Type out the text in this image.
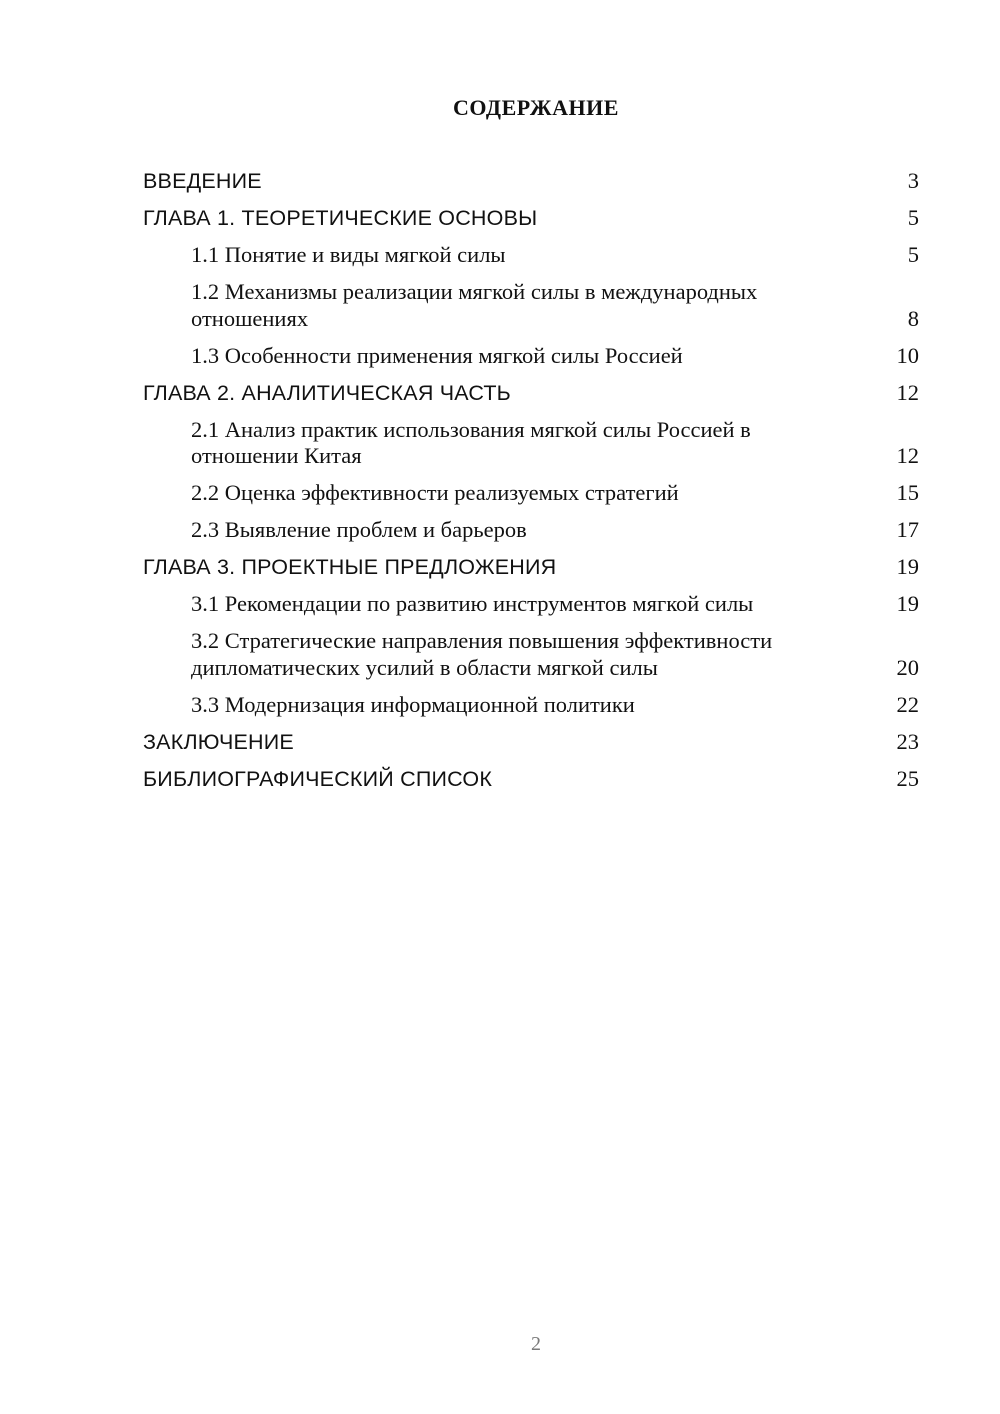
СОДЕРЖАНИЕ
ВВЕДЕНИЕ	3
ГЛАВА 1. ТЕОРЕТИЧЕСКИЕ ОСНОВЫ	5
1.1 Понятие и виды мягкой силы	5
1.2 Механизмы реализации мягкой силы в международных отношениях	8
1.3 Особенности применения мягкой силы Россией	10
ГЛАВА 2. АНАЛИТИЧЕСКАЯ ЧАСТЬ	12
2.1 Анализ практик использования мягкой силы Россией в отношении Китая	12
2.2 Оценка эффективности реализуемых стратегий	15
2.3 Выявление проблем и барьеров	17
ГЛАВА 3. ПРОЕКТНЫЕ ПРЕДЛОЖЕНИЯ	19
3.1 Рекомендации по развитию инструментов мягкой силы	19
3.2 Стратегические направления повышения эффективности дипломатических усилий в области мягкой силы	20
3.3 Модернизация информационной политики	22
ЗАКЛЮЧЕНИЕ	23
БИБЛИОГРАФИЧЕСКИЙ СПИСОК	25
2
